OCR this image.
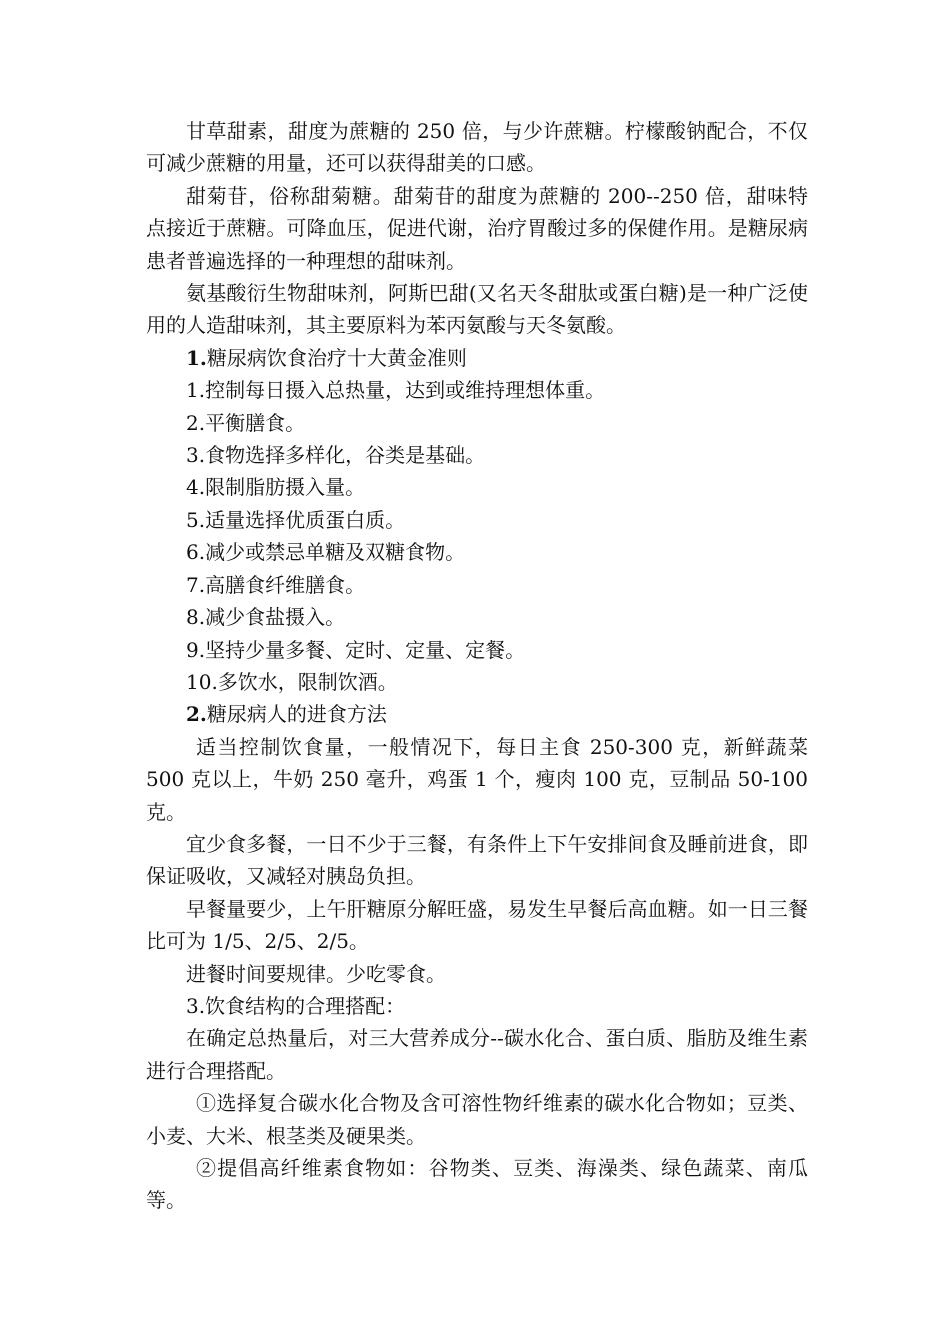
甘草甜素，甜度为蔗糖的 250 倍，与少许蔗糖。柠檬酸钠配合，不仅可减少蔗糖的用量，还可以获得甜美的口感。

甜菊苷，俗称甜菊糖。甜菊苷的甜度为蔗糖的 200--250 倍，甜味特点接近于蔗糖。可降血压，促进代谢，治疗胃酸过多的保健作用。是糖尿病患者普遍选择的一种理想的甜味剂。

氨基酸衍生物甜味剂，阿斯巴甜(又名天冬甜肽或蛋白糖)是一种广泛使用的人造甜味剂，其主要原料为苯丙氨酸与天冬氨酸。

1.糖尿病饮食治疗十大黄金准则

1.控制每日摄入总热量，达到或维持理想体重。

2.平衡膳食。

3.食物选择多样化，谷类是基础。

4.限制脂肪摄入量。

5.适量选择优质蛋白质。

6.减少或禁忌单糖及双糖食物。

7.高膳食纤维膳食。

8.减少食盐摄入。

9.坚持少量多餐、定时、定量、定餐。

10.多饮水，限制饮酒。

2.糖尿病人的进食方法

适当控制饮食量，一般情况下，每日主食 250-300 克，新鲜蔬菜 500 克以上，牛奶 250 毫升，鸡蛋 1 个，瘦肉 100 克，豆制品 50-100 克。

宜少食多餐，一日不少于三餐，有条件上下午安排间食及睡前进食，即保证吸收，又减轻对胰岛负担。

早餐量要少，上午肝糖原分解旺盛，易发生早餐后高血糖。如一日三餐比可为 1/5、2/5、2/5。

进餐时间要规律。少吃零食。

3.饮食结构的合理搭配：

在确定总热量后，对三大营养成分--碳水化合、蛋白质、脂肪及维生素进行合理搭配。

①选择复合碳水化合物及含可溶性物纤维素的碳水化合物如；豆类、小麦、大米、根茎类及硬果类。

②提倡高纤维素食物如：谷物类、豆类、海澡类、绿色蔬菜、南瓜等。
